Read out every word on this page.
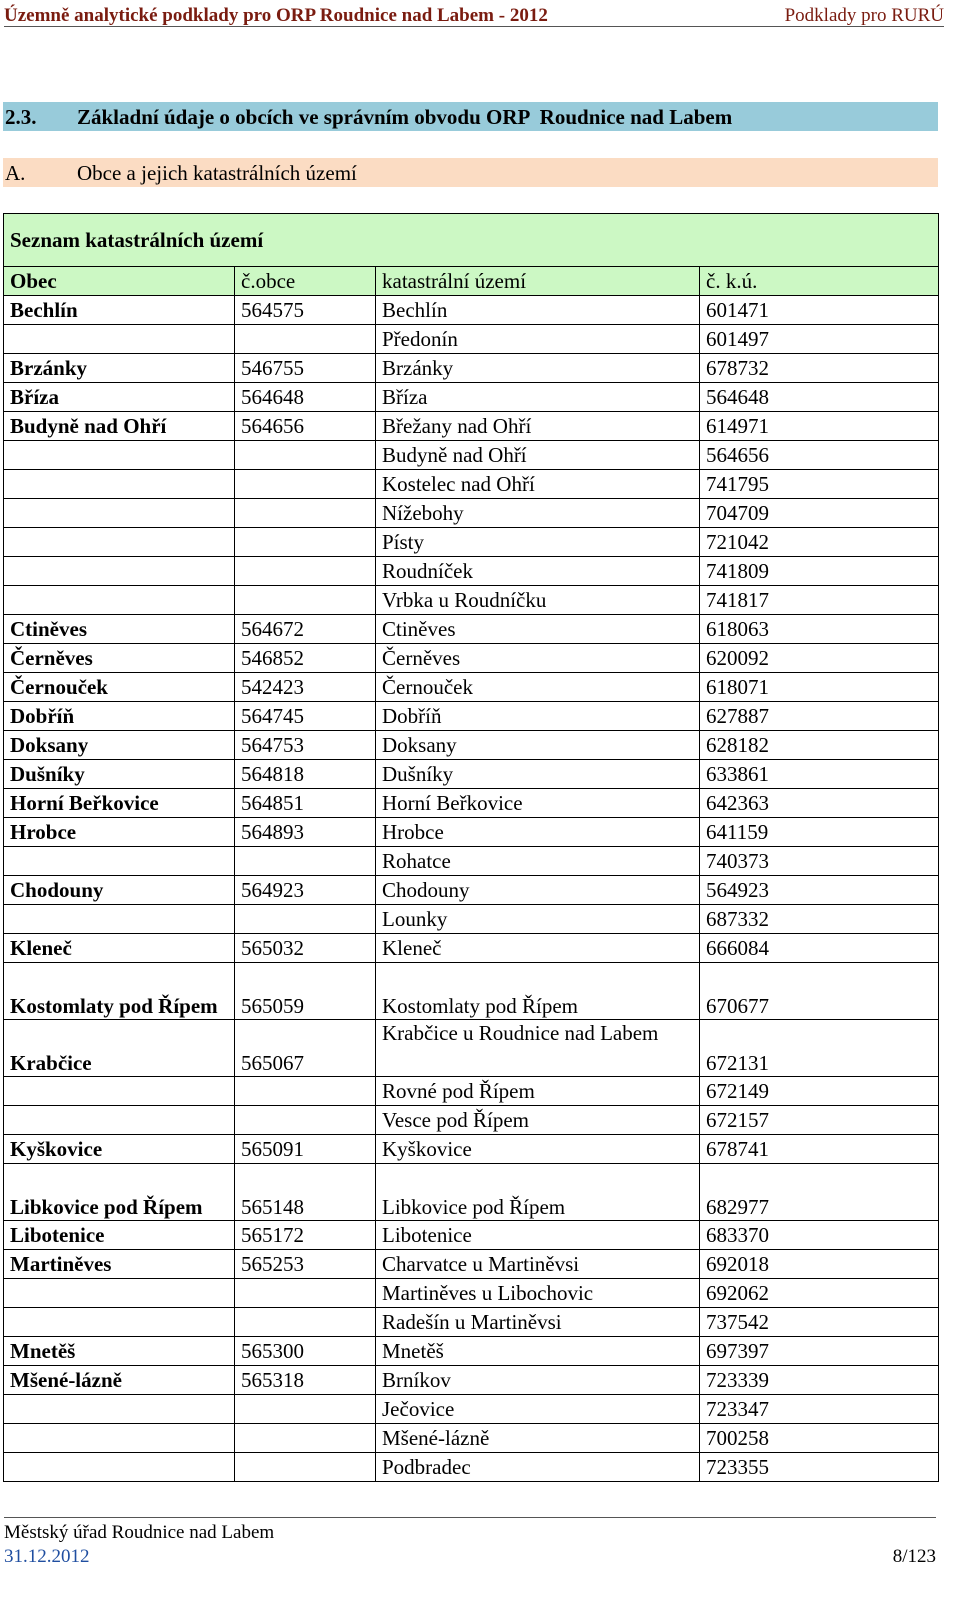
Územně analytické podklady pro ORP Roudnice nad Labem - 2012	Podklady pro RURÚ
2.3. Základní údaje o obcích ve správním obvodu ORP  Roudnice nad Labem
A. Obce a jejich katastrálních území
Seznam katastrálních území			
Obec	č.obce	katastrální území	č. k.ú.
Bechlín	564575	Bechlín	601471
		Předonín	601497
Brzánky	546755	Brzánky	678732
Bříza	564648	Bříza	564648
Budyně nad Ohří	564656	Břežany nad Ohří	614971
		Budyně nad Ohří	564656
		Kostelec nad Ohří	741795
		Nížebohy	704709
		Písty	721042
		Roudníček	741809
		Vrbka u Roudníčku	741817
Ctiněves	564672	Ctiněves	618063
Černěves	546852	Černěves	620092
Černouček	542423	Černouček	618071
Dobříň	564745	Dobříň	627887
Doksany	564753	Doksany	628182
Dušníky	564818	Dušníky	633861
Horní Beřkovice	564851	Horní Beřkovice	642363
Hrobce	564893	Hrobce	641159
		Rohatce	740373
Chodouny	564923	Chodouny	564923
		Lounky	687332
Kleneč	565032	Kleneč	666084
Kostomlaty pod Řípem	565059	Kostomlaty pod Řípem	670677
Krabčice	565067	Krabčice u Roudnice nad Labem	672131
		Rovné pod Řípem	672149
		Vesce pod Řípem	672157
Kyškovice	565091	Kyškovice	678741
Libkovice pod Řípem	565148	Libkovice pod Řípem	682977
Libotenice	565172	Libotenice	683370
Martiněves	565253	Charvatce u Martiněvsi	692018
		Martiněves u Libochovic	692062
		Radešín u Martiněvsi	737542
Mnetěš	565300	Mnetěš	697397
Mšené-lázně	565318	Brníkov	723339
		Ječovice	723347
		Mšené-lázně	700258
		Podbradec	723355
Městský úřad Roudnice nad Labem
31.12.2012	8/123
